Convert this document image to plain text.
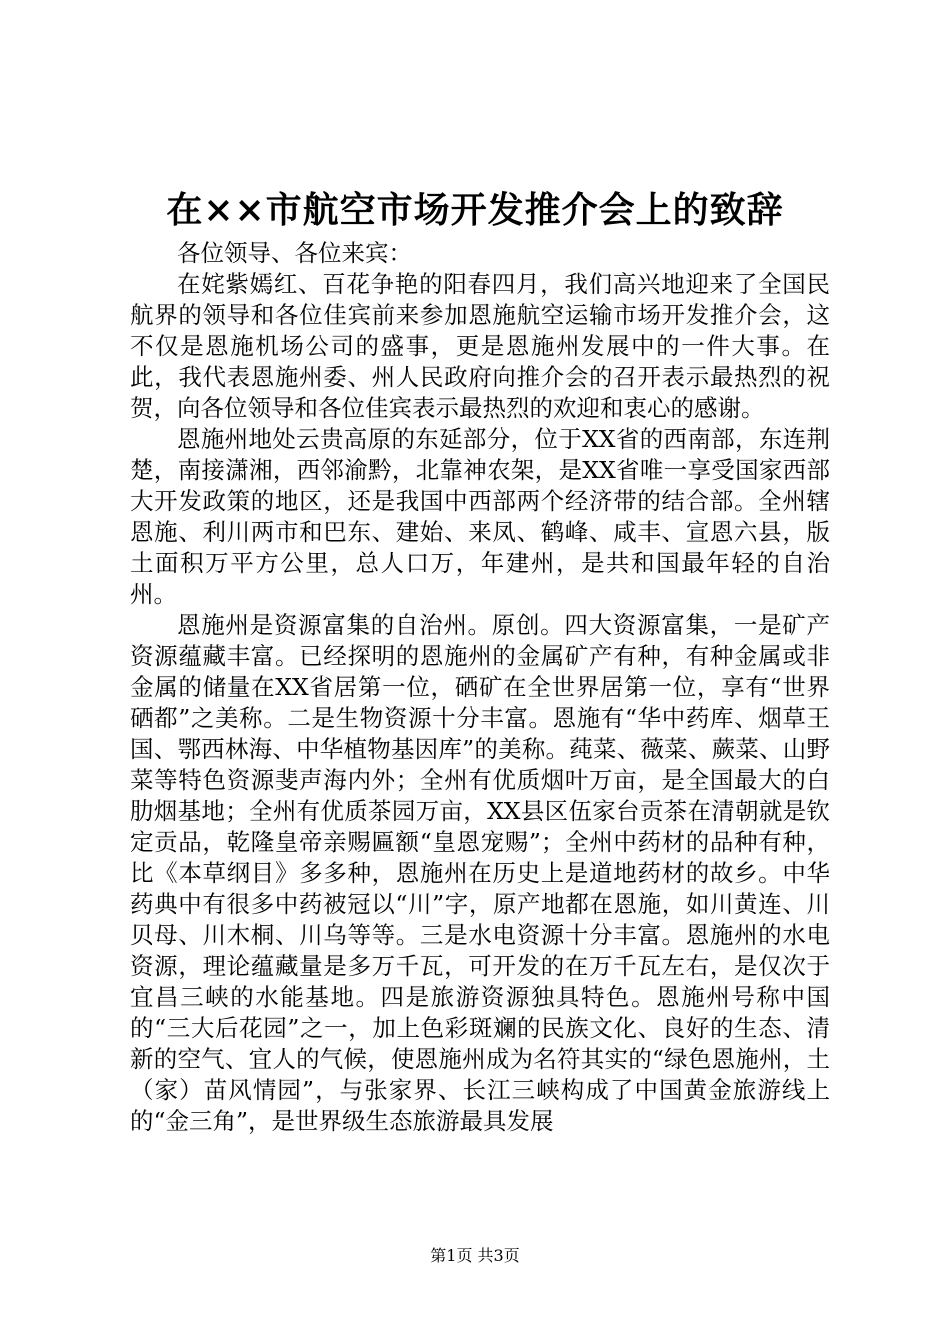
在××市航空市场开发推介会上的致辞

各位领导、各位来宾：

在姹紫嫣红、百花争艳的阳春四月，我们高兴地迎来了全国民航界的领导和各位佳宾前来参加恩施航空运输市场开发推介会，这不仅是恩施机场公司的盛事，更是恩施州发展中的一件大事。在此，我代表恩施州委、州人民政府向推介会的召开表示最热烈的祝贺，向各位领导和各位佳宾表示最热烈的欢迎和衷心的感谢。

恩施州地处云贵高原的东延部分，位于XX省的西南部，东连荆楚，南接潇湘，西邻渝黔，北靠神农架，是XX省唯一享受国家西部大开发政策的地区，还是我国中西部两个经济带的结合部。全州辖恩施、利川两市和巴东、建始、来凤、鹤峰、咸丰、宣恩六县，版土面积万平方公里，总人口万，年建州，是共和国最年轻的自治州。

恩施州是资源富集的自治州。原创。四大资源富集，一是矿产资源蕴藏丰富。已经探明的恩施州的金属矿产有种，有种金属或非金属的储量在XX省居第一位，硒矿在全世界居第一位，享有“世界硒都”之美称。二是生物资源十分丰富。恩施有“华中药库、烟草王国、鄂西林海、中华植物基因库”的美称。莼菜、薇菜、蕨菜、山野菜等特色资源斐声海内外；全州有优质烟叶万亩，是全国最大的白肋烟基地；全州有优质茶园万亩，XX县区伍家台贡茶在清朝就是钦定贡品，乾隆皇帝亲赐匾额“皇恩宠赐”；全州中药材的品种有种，比《本草纲目》多多种，恩施州在历史上是道地药材的故乡。中华药典中有很多中药被冠以“川”字，原产地都在恩施，如川黄连、川贝母、川木桐、川乌等等。三是水电资源十分丰富。恩施州的水电资源，理论蕴藏量是多万千瓦，可开发的在万千瓦左右，是仅次于宜昌三峡的水能基地。四是旅游资源独具特色。恩施州号称中国的“三大后花园”之一，加上色彩斑斓的民族文化、良好的生态、清新的空气、宜人的气候，使恩施州成为名符其实的“绿色恩施州，土（家）苗风情园”，与张家界、长江三峡构成了中国黄金旅游线上的“金三角”，是世界级生态旅游最具发展

第1页 共3页
